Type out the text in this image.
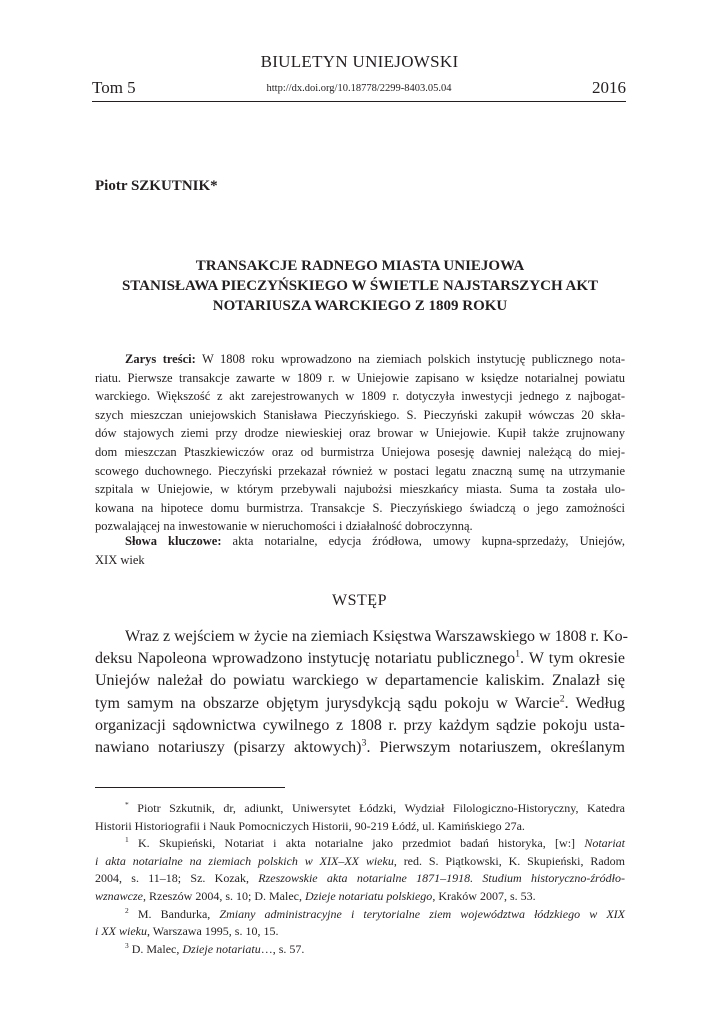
BIULETYN UNIEJOWSKI
Tom 5	http://dx.doi.org/10.18778/2299-8403.05.04	2016
Piotr SZKUTNIK*
TRANSAKCJE RADNEGO MIASTA UNIEJOWA
STANISŁAWA PIECZYŃSKIEGO W ŚWIETLE NAJSTARSZYCH AKT
NOTARIUSZA WARCKIEGO Z 1809 ROKU
Zarys treści: W 1808 roku wprowadzono na ziemiach polskich instytucję publicznego nota-
riatu. Pierwsze transakcje zawarte w 1809 r. w Uniejowie zapisano w księdze notarialnej powiatu
warckiego. Większość z akt zarejestrowanych w 1809 r. dotyczyła inwestycji jednego z najbogat-
szych mieszczan uniejowskich Stanisława Pieczyńskiego. S. Pieczyński zakupił wówczas 20 skła-
dów stajowych ziemi przy drodze niewieskiej oraz browar w Uniejowie. Kupił także zrujnowany
dom mieszczan Ptaszkiewiczów oraz od burmistrza Uniejowa posesję dawniej należącą do miej-
scowego duchownego. Pieczyński przekazał również w postaci legatu znaczną sumę na utrzymanie
szpitala w Uniejowie, w którym przebywali najubożsi mieszkańcy miasta. Suma ta została ulo-
kowana na hipotece domu burmistrza. Transakcje S. Pieczyńskiego świadczą o jego zamożności
pozwalającej na inwestowanie w nieruchomości i działalność dobroczynną.
Słowa kluczowe: akta notarialne, edycja źródłowa, umowy kupna-sprzedaży, Uniejów,
XIX wiek
WSTĘP
Wraz z wejściem w życie na ziemiach Księstwa Warszawskiego w 1808 r. Ko-
deksu Napoleona wprowadzono instytucję notariatu publicznego$^1$. W tym okresie
Uniejów należał do powiatu warckiego w departamencie kaliskim. Znalazł się
tym samym na obszarze objętym jurysdykcją sądu pokoju w Warcie$^2$. Według
organizacji sądownictwa cywilnego z 1808 r. przy każdym sądzie pokoju usta-
nawiano notariuszy (pisarzy aktowych)$^3$. Pierwszym notariuszem, określanym
* Piotr Szkutnik, dr, adiunkt, Uniwersytet Łódzki, Wydział Filologiczno-Historyczny, Katedra
Historii Historiografii i Nauk Pomocniczych Historii, 90-219 Łódź, ul. Kamińskiego 27a.
$^1$ K. Skupieński, Notariat i akta notarialne jako przedmiot badań historyka, [w:] Notariat
i akta notarialne na ziemiach polskich w XIX–XX wieku, red. S. Piątkowski, K. Skupieński, Radom
2004, s. 11–18; Sz. Kozak, Rzeszowskie akta notarialne 1871–1918. Studium historyczno-źródło-
wznawcze, Rzeszów 2004, s. 10; D. Malec, Dzieje notariatu polskiego, Kraków 2007, s. 53.
$^2$ M. Bandurka, Zmiany administracyjne i terytorialne ziem województwa łódzkiego w XIX
i XX wieku, Warszawa 1995, s. 10, 15.
$^3$ D. Malec, Dzieje notariatu…, s. 57.
